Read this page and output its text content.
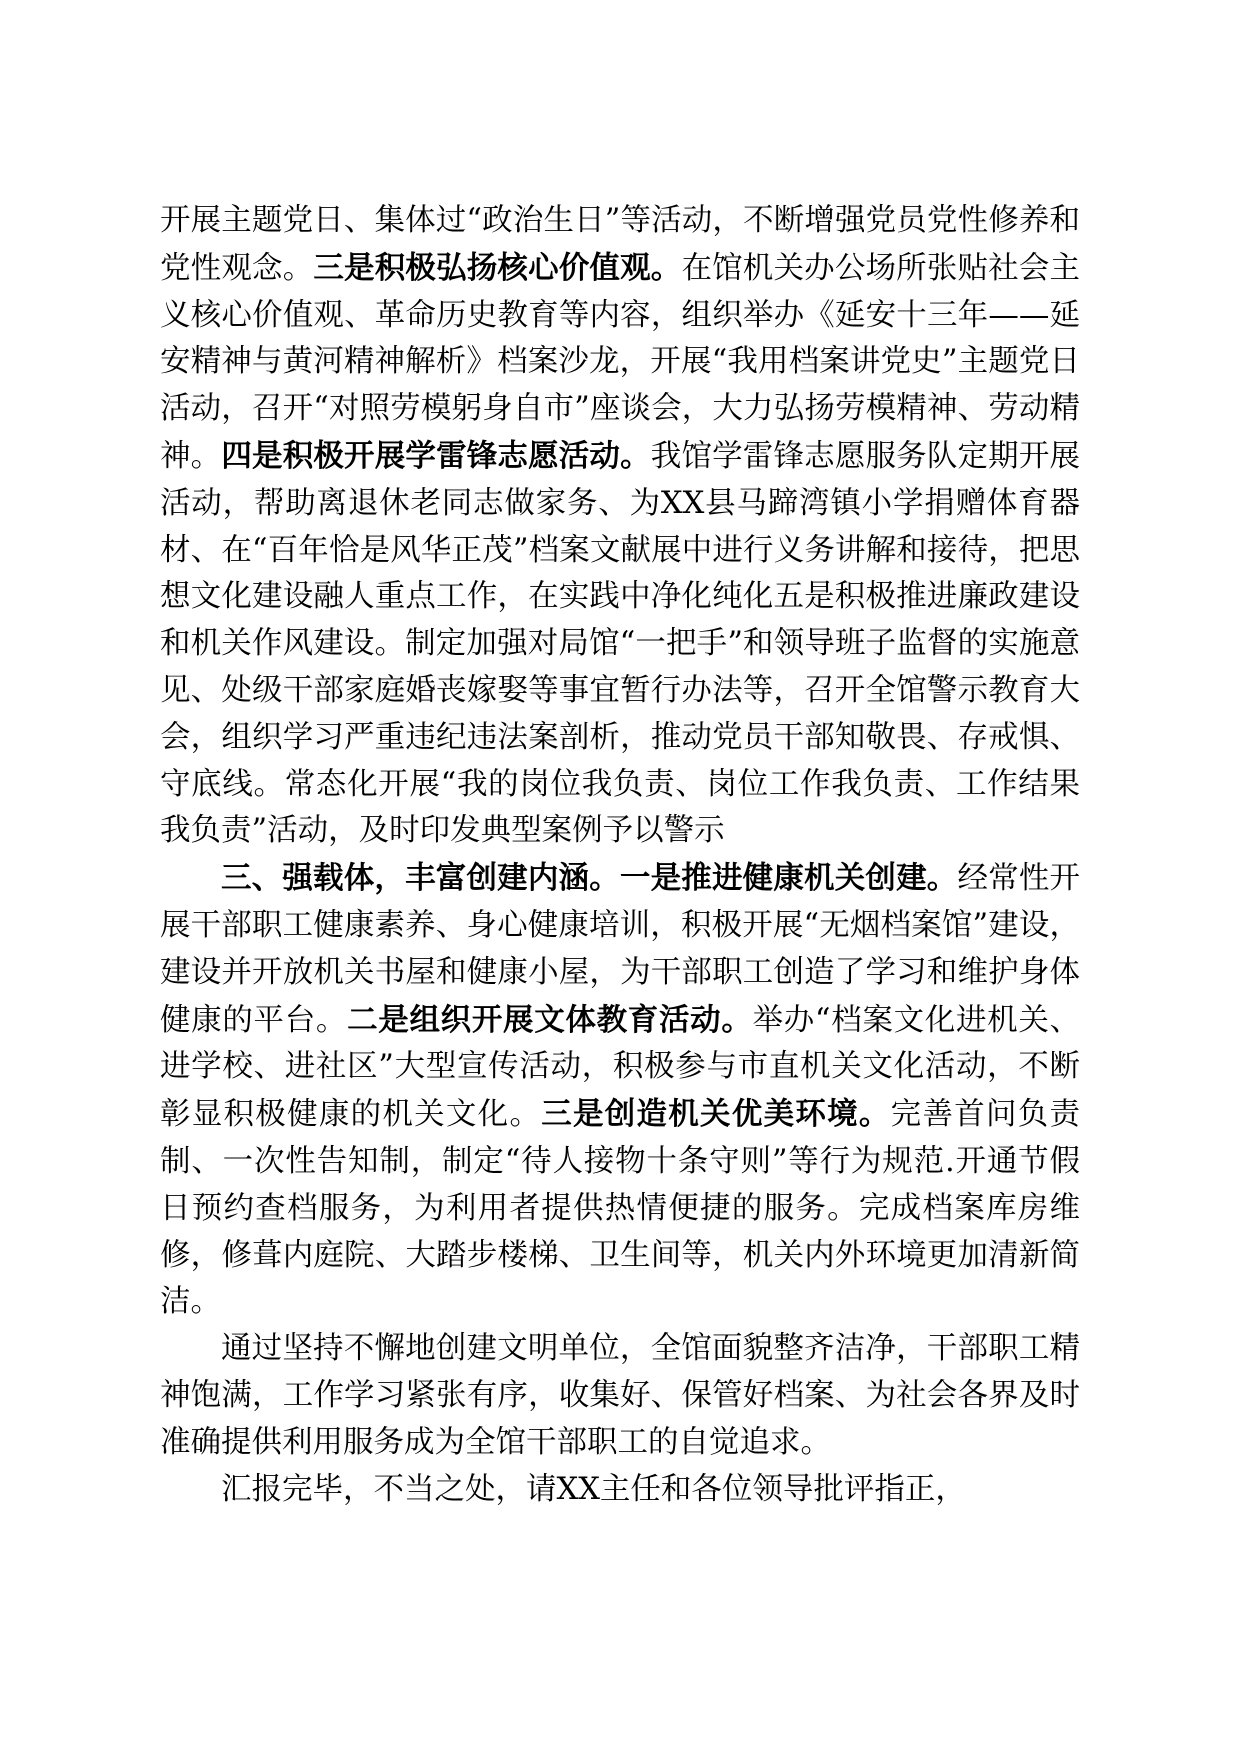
开展主题党日、集体过“政治生日”等活动，不断增强党员党性修养和党性观念。三是积极弘扬核心价值观。在馆机关办公场所张贴社会主义核心价值观、革命历史教育等内容，组织举办《延安十三年——延安精神与黄河精神解析》档案沙龙，开展“我用档案讲党史”主题党日活动，召开“对照劳模躬身自市”座谈会，大力弘扬劳模精神、劳动精神。四是积极开展学雷锋志愿活动。我馆学雷锋志愿服务队定期开展活动，帮助离退休老同志做家务、为XX县马蹄湾镇小学捐赠体育器材、在“百年恰是风华正茂”档案文献展中进行义务讲解和接待，把思想文化建设融人重点工作，在实践中净化纯化五是积极推进廉政建设和机关作风建设。制定加强对局馆“一把手”和领导班子监督的实施意见、处级干部家庭婚丧嫁娶等事宜暂行办法等，召开全馆警示教育大会，组织学习严重违纪违法案剖析，推动党员干部知敬畏、存戒惧、守底线。常态化开展“我的岗位我负责、岗位工作我负责、工作结果我负责”活动，及时印发典型案例予以警示

三、强载体，丰富创建内涵。一是推进健康机关创建。经常性开展干部职工健康素养、身心健康培训，积极开展“无烟档案馆”建设，建设并开放机关书屋和健康小屋，为干部职工创造了学习和维护身体健康的平台。二是组织开展文体教育活动。举办“档案文化进机关、进学校、进社区”大型宣传活动，积极参与市直机关文化活动，不断彰显积极健康的机关文化。三是创造机关优美环境。完善首问负责制、一次性告知制，制定“待人接物十条守则”等行为规范.开通节假日预约查档服务，为利用者提供热情便捷的服务。完成档案库房维修，修葺内庭院、大踏步楼梯、卫生间等，机关内外环境更加清新简洁。

通过坚持不懈地创建文明单位，全馆面貌整齐洁净，干部职工精神饱满，工作学习紧张有序，收集好、保管好档案、为社会各界及时准确提供利用服务成为全馆干部职工的自觉追求。

汇报完毕，不当之处，请XX主任和各位领导批评指正，
